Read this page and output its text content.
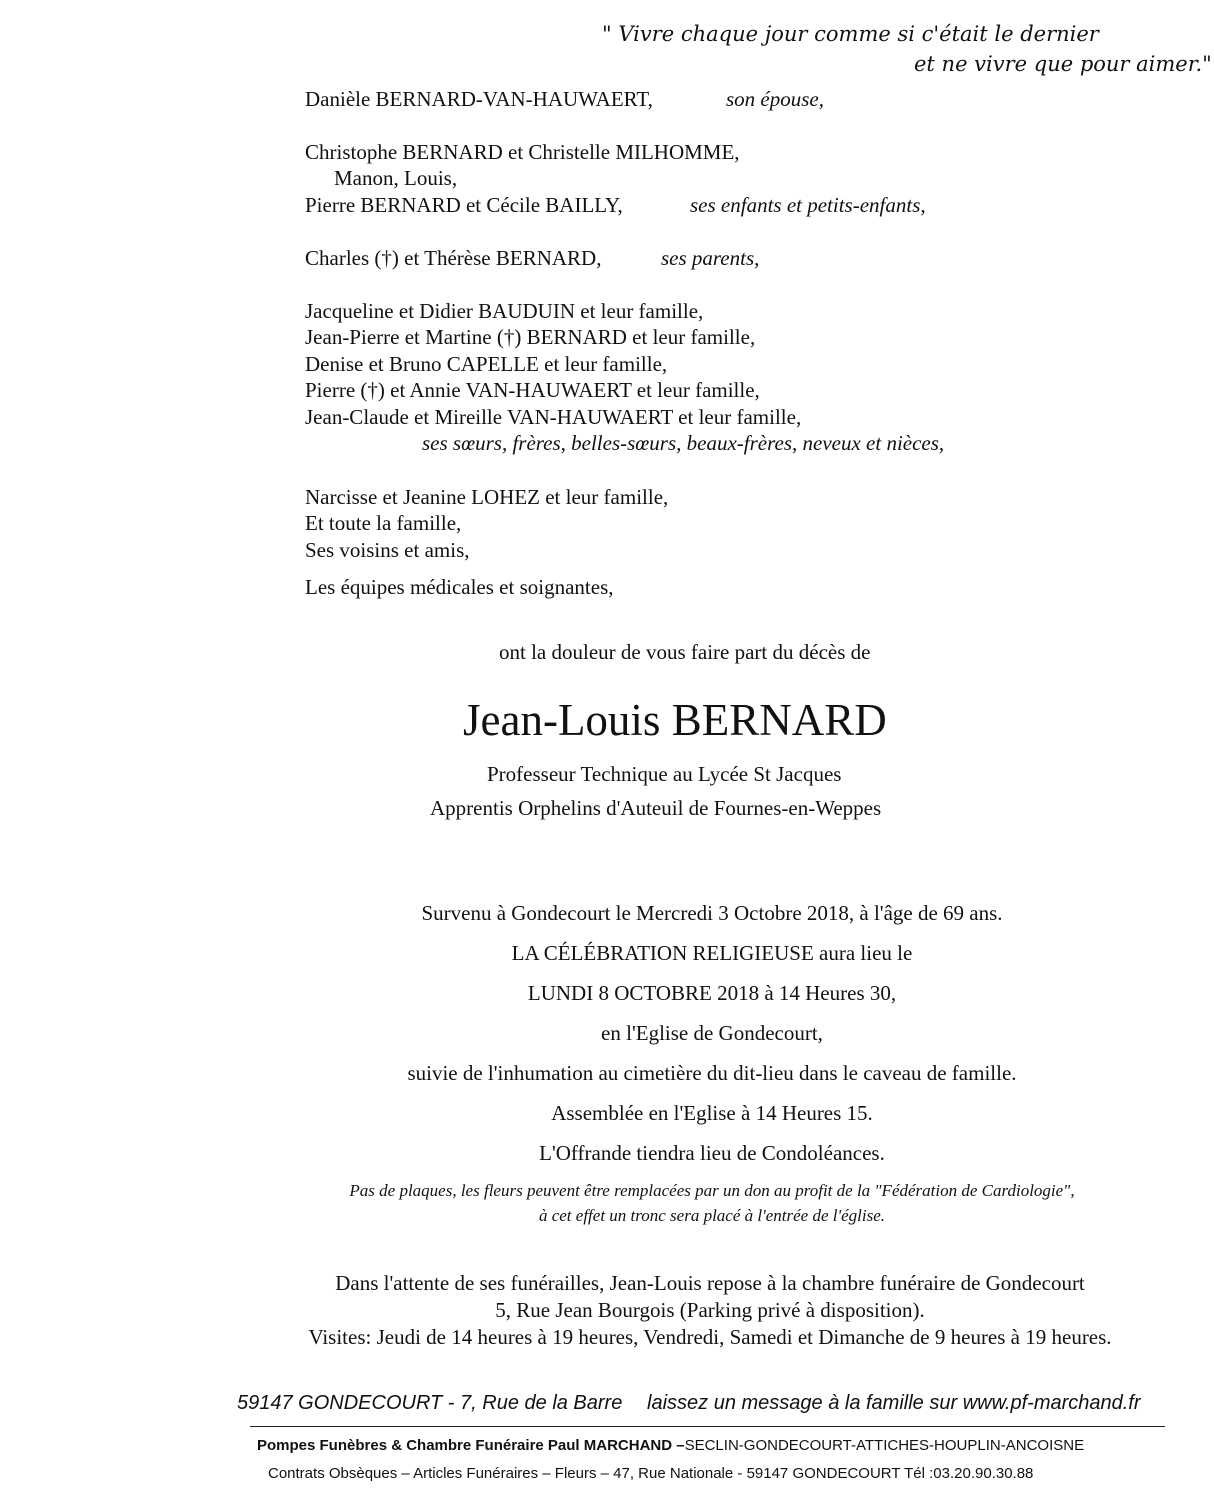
" Vivre chaque jour comme si c'était le dernier
et ne vivre que pour aimer."
Danièle BERNARD-VAN-HAUWAERT,	son épouse,
Christophe BERNARD et Christelle MILHOMME,
Manon, Louis,
Pierre BERNARD et Cécile BAILLY,	ses enfants et petits-enfants,
Charles (†) et Thérèse BERNARD,	ses parents,
Jacqueline et Didier BAUDUIN et leur famille,
Jean-Pierre et Martine (†) BERNARD et leur famille,
Denise et Bruno CAPELLE et leur famille,
Pierre (†) et Annie VAN-HAUWAERT et leur famille,
Jean-Claude et Mireille VAN-HAUWAERT et leur famille,
ses sœurs, frères, belles-sœurs, beaux-frères, neveux et nièces,
Narcisse et Jeanine LOHEZ et leur famille,
Et toute la famille,
Ses voisins et amis,
Les équipes médicales et soignantes,
ont la douleur de vous faire part du décès de
Jean-Louis BERNARD
Professeur Technique au Lycée St Jacques
Apprentis Orphelins d'Auteuil de Fournes-en-Weppes
Survenu à Gondecourt le Mercredi 3 Octobre 2018, à l'âge de 69 ans.
LA CÉLÉBRATION RELIGIEUSE aura lieu le
LUNDI 8 OCTOBRE 2018 à 14 Heures 30,
en l'Eglise de Gondecourt,
suivie de l'inhumation au cimetière du dit-lieu dans le caveau de famille.
Assemblée en l'Eglise à 14 Heures 15.
L'Offrande tiendra lieu de Condoléances.
Pas de plaques, les fleurs peuvent être remplacées par un don au profit de la "Fédération de Cardiologie",
à cet effet un tronc sera placé à l'entrée de l'église.
Dans l'attente de ses funérailles, Jean-Louis repose à la chambre funéraire de Gondecourt
5, Rue Jean Bourgois (Parking privé à disposition).
Visites: Jeudi de 14 heures à 19 heures, Vendredi, Samedi et Dimanche de 9 heures à 19 heures.
59147 GONDECOURT - 7, Rue de la Barre laissez un message à la famille sur www.pf-marchand.fr
Pompes Funèbres & Chambre Funéraire Paul MARCHAND –SECLIN-GONDECOURT-ATTICHES-HOUPLIN-ANCOISNE
Contrats Obsèques – Articles Funéraires – Fleurs – 47, Rue Nationale - 59147 GONDECOURT Tél :03.20.90.30.88
